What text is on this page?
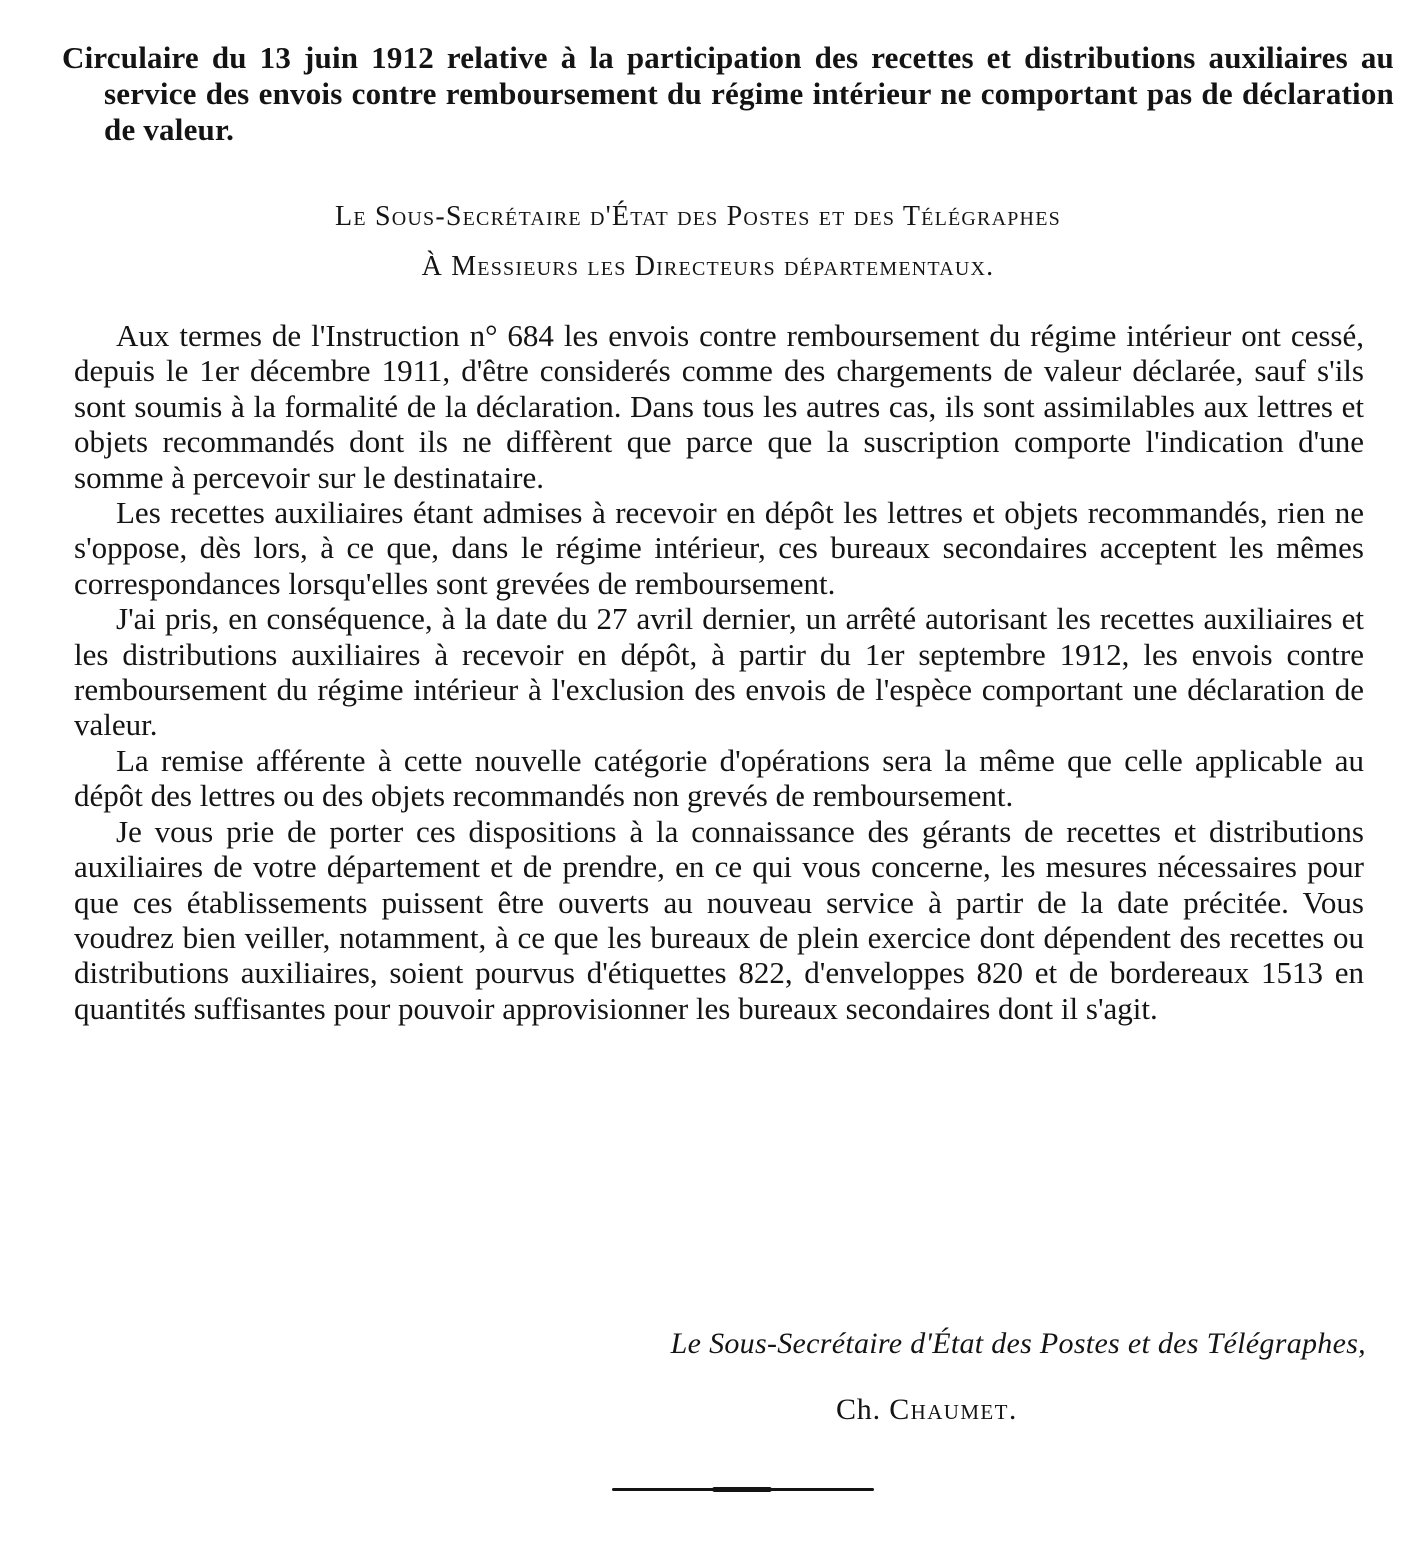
Circulaire du 13 juin 1912 relative à la participation des recettes et distributions auxiliaires au service des envois contre remboursement du régime intérieur ne comportant pas de déclaration de valeur.
Le Sous-Secrétaire d'État des Postes et des Télégraphes
À Messieurs les Directeurs départementaux.

Aux termes de l'Instruction n° 684 les envois contre remboursement du régime intérieur ont cessé, depuis le 1er décembre 1911, d'être considerés comme des chargements de valeur déclarée, sauf s'ils sont soumis à la formalité de la déclaration. Dans tous les autres cas, ils sont assimilables aux lettres et objets recommandés dont ils ne diffèrent que parce que la suscription comporte l'indication d'une somme à percevoir sur le destinataire.

Les recettes auxiliaires étant admises à recevoir en dépôt les lettres et objets recommandés, rien ne s'oppose, dès lors, à ce que, dans le régime intérieur, ces bureaux secondaires acceptent les mêmes correspondances lorsqu'elles sont grevées de remboursement.

J'ai pris, en conséquence, à la date du 27 avril dernier, un arrêté autorisant les recettes auxiliaires et les distributions auxiliaires à recevoir en dépôt, à partir du 1er septembre 1912, les envois contre remboursement du régime intérieur à l'exclusion des envois de l'espèce comportant une déclaration de valeur.

La remise afférente à cette nouvelle catégorie d'opérations sera la même que celle applicable au dépôt des lettres ou des objets recommandés non grevés de remboursement.

Je vous prie de porter ces dispositions à la connaissance des gérants de recettes et distributions auxiliaires de votre département et de prendre, en ce qui vous concerne, les mesures nécessaires pour que ces établissements puissent être ouverts au nouveau service à partir de la date précitée. Vous voudrez bien veiller, notamment, à ce que les bureaux de plein exercice dont dépendent des recettes ou distributions auxiliaires, soient pourvus d'étiquettes 822, d'enveloppes 820 et de bordereaux 1513 en quantités suffisantes pour pouvoir approvisionner les bureaux secondaires dont il s'agit.

Le Sous-Secrétaire d'État des Postes et des Télégraphes,
Ch. Chaumet.
